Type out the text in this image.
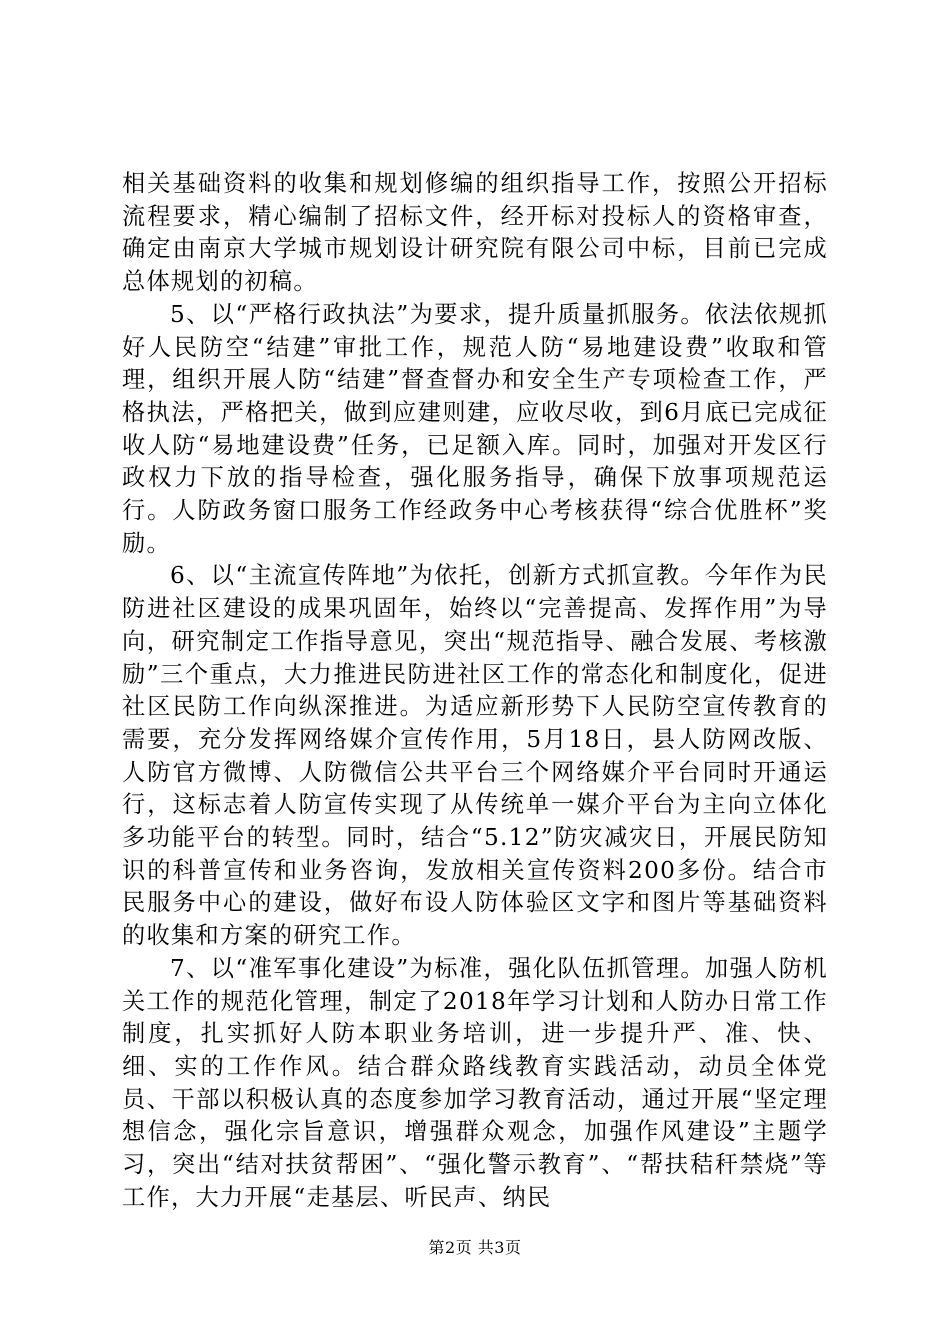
相关基础资料的收集和规划修编的组织指导工作，按照公开招标流程要求，精心编制了招标文件，经开标对投标人的资格审查，确定由南京大学城市规划设计研究院有限公司中标，目前已完成总体规划的初稿。

5、以“严格行政执法”为要求，提升质量抓服务。依法依规抓好人民防空“结建”审批工作，规范人防“易地建设费”收取和管理，组织开展人防“结建”督查督办和安全生产专项检查工作，严格执法，严格把关，做到应建则建，应收尽收，到6月底已完成征收人防“易地建设费”任务，已足额入库。同时，加强对开发区行政权力下放的指导检查，强化服务指导，确保下放事项规范运行。人防政务窗口服务工作经政务中心考核获得“综合优胜杯”奖励。

6、以“主流宣传阵地”为依托，创新方式抓宣教。今年作为民防进社区建设的成果巩固年，始终以“完善提高、发挥作用”为导向，研究制定工作指导意见，突出“规范指导、融合发展、考核激励”三个重点，大力推进民防进社区工作的常态化和制度化，促进社区民防工作向纵深推进。为适应新形势下人民防空宣传教育的需要，充分发挥网络媒介宣传作用，5月18日，县人防网改版、人防官方微博、人防微信公共平台三个网络媒介平台同时开通运行，这标志着人防宣传实现了从传统单一媒介平台为主向立体化多功能平台的转型。同时，结合“5.12”防灾减灾日，开展民防知识的科普宣传和业务咨询，发放相关宣传资料200多份。结合市民服务中心的建设，做好布设人防体验区文字和图片等基础资料的收集和方案的研究工作。

7、以“准军事化建设”为标准，强化队伍抓管理。加强人防机关工作的规范化管理，制定了2018年学习计划和人防办日常工作制度，扎实抓好人防本职业务培训，进一步提升严、准、快、细、实的工作作风。结合群众路线教育实践活动，动员全体党员、干部以积极认真的态度参加学习教育活动，通过开展“坚定理想信念，强化宗旨意识，增强群众观念，加强作风建设”主题学习，突出“结对扶贫帮困”、“强化警示教育”、“帮扶秸秆禁烧”等工作，大力开展“走基层、听民声、纳民

第2页 共3页
